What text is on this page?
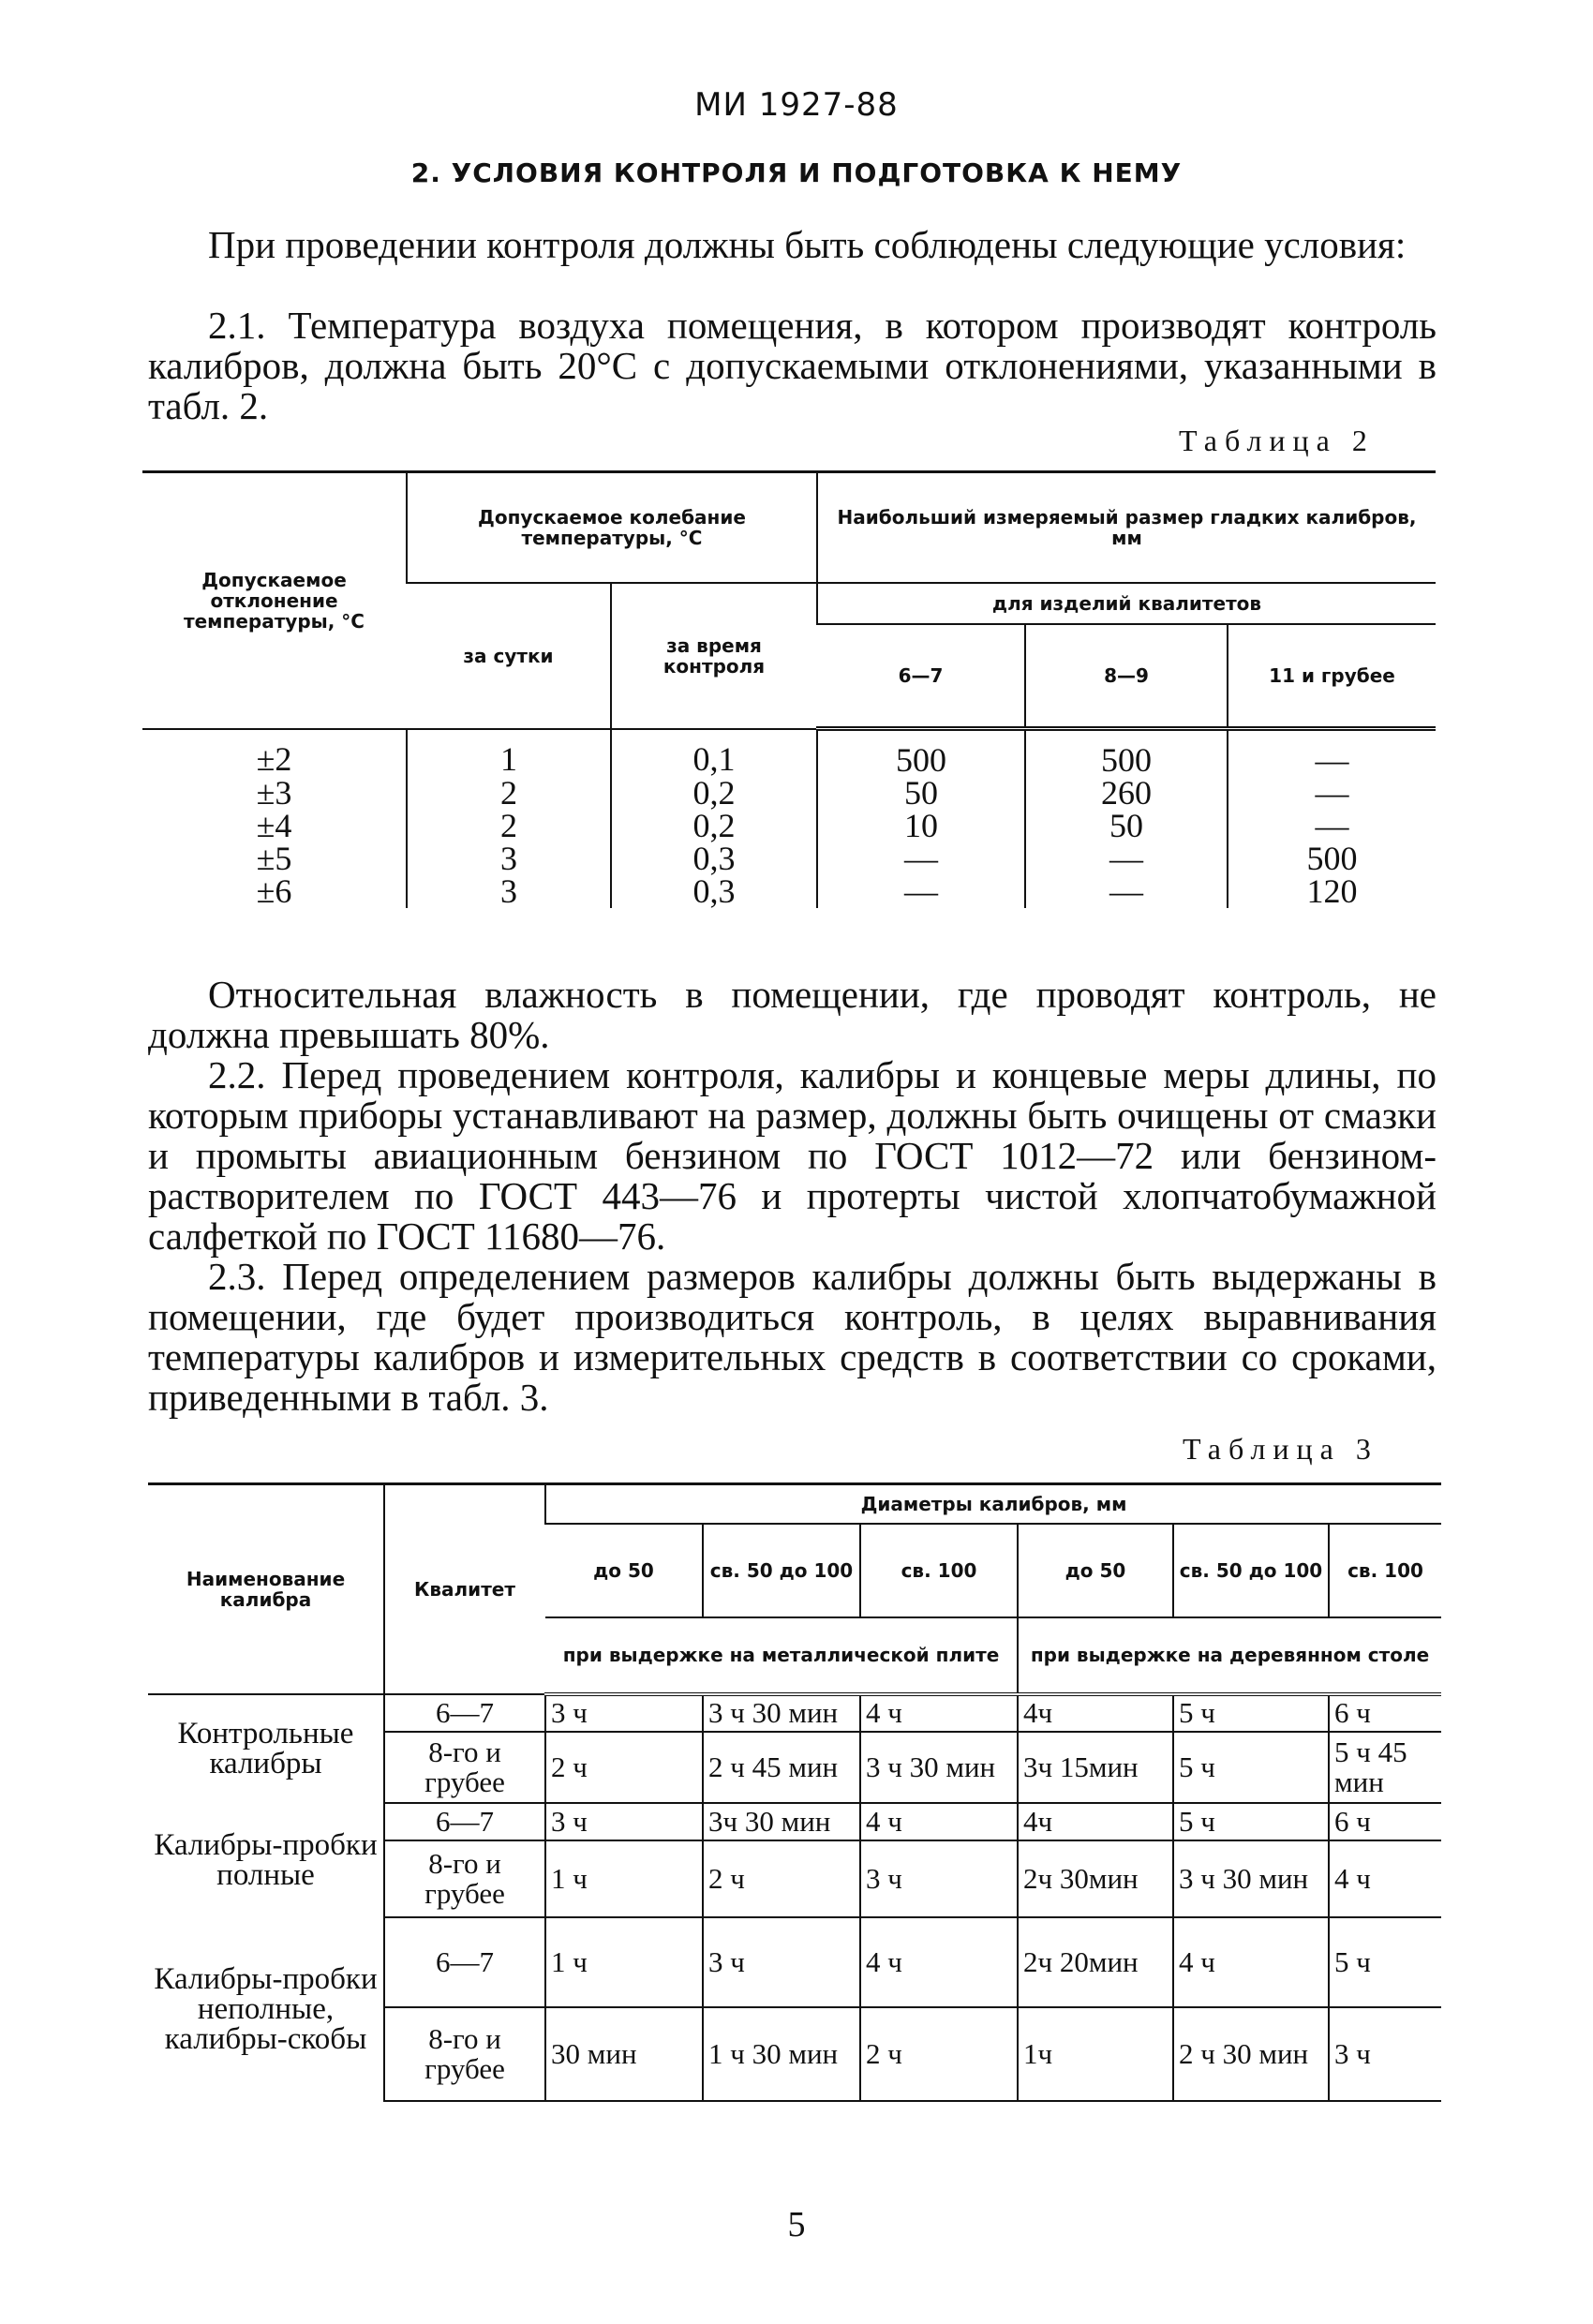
МИ 1927-88
2. УСЛОВИЯ КОНТРОЛЯ И ПОДГОТОВКА К НЕМУ

При проведении контроля должны быть соблюдены следующие условия:

2.1. Температура воздуха помещения, в котором производят контроль калибров, должна быть 20°С с допускаемыми отклонениями, указанными в табл. 2.

Таблица 2
Допускаемое отклонение температуры, °С	Допускаемое колебание температуры, °С		Наибольший измеряемый размер гладких калибров, мм		
	за сутки	за время контроля	для изделий квалитетов		
			6—7	8—9	11 и грубее
±2	1	0,1	500	500	—
±3	2	0,2	50	260	—
±4	2	0,2	10	50	—
±5	3	0,3	—	—	500
±6	3	0,3	—	—	120

Относительная влажность в помещении, где проводят контроль, не должна превышать 80%.

2.2. Перед проведением контроля, калибры и концевые меры длины, по которым приборы устанавливают на размер, должны быть очищены от смазки и промыты авиационным бензином по ГОСТ 1012—72 или бензином-растворителем по ГОСТ 443—76 и протерты чистой хлопчатобумажной салфеткой по ГОСТ 11680—76.

2.3. Перед определением размеров калибры должны быть выдержаны в помещении, где будет производиться контроль, в целях выравнивания температуры калибров и измерительных средств в соответствии со сроками, приведенными в табл. 3.

Таблица 3
Наименование калибра	Квалитет	Диаметры калибров, мм					
		до 50	св. 50 до 100	св. 100	до 50	св. 50 до 100	св. 100
		при выдержке на металлической плите			при выдержке на деревянном столе		
Контрольные калибры	6—7	3 ч	3 ч 30 мин	4 ч	4ч	5 ч	6 ч
	8-го и грубее	2 ч	2 ч 45 мин	3 ч 30 мин	3ч 15мин	5 ч	5 ч 45 мин
Калибры-пробки полные	6—7	3 ч	3ч 30 мин	4 ч	4ч	5 ч	6 ч
	8-го и грубее	1 ч	2 ч	3 ч	2ч 30мин	3 ч 30 мин	4 ч
Калибры-пробки неполные, калибры-скобы	6—7	1 ч	3 ч	4 ч	2ч 20мин	4 ч	5 ч
	8-го и грубее	30 мин	1 ч 30 мин	2 ч	1ч	2 ч 30 мин	3 ч
5
